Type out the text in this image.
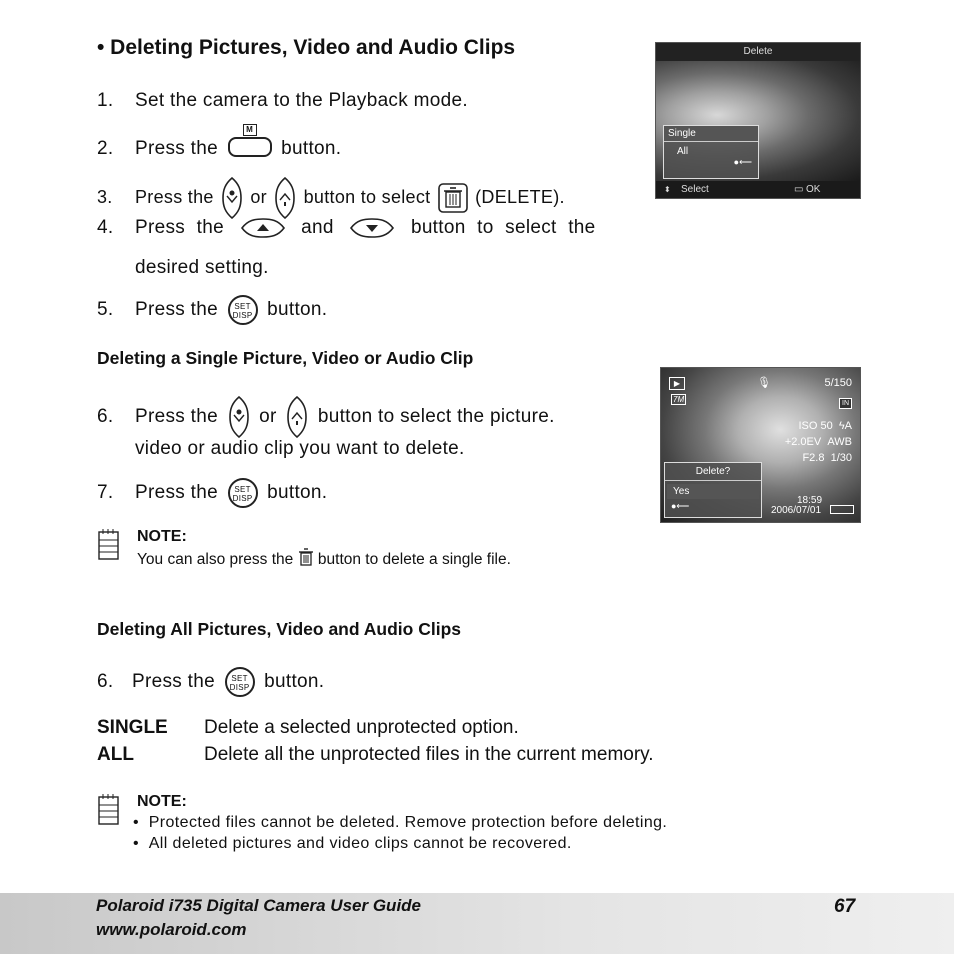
• Deleting Pictures, Video and Audio Clips
1. Set the camera to the Playback mode.
2. Press the
M
button.
3. Press the or button to select (DELETE).
4. Press the	and	button to select the
desired setting.
5. Press the SET
DISP button.
Delete
Single
All
●⟵
⬍ Select	▭ OK
Deleting a Single Picture, Video or Audio Clip
6. Press the or button to select the picture.
video or audio clip you want to delete.
7. Press the SET
DISP button.
NOTE:
You can also press the button to delete a single file.
▶	🎙	5/150
7M	IN
ISO 50 ϟA
+2.0EV AWB
F2.8 1/30
Delete?
Yes
●⟵	18:59
2006/07/01
Deleting All Pictures, Video and Audio Clips
6. Press the SET
DISP button.
SINGLE Delete a selected unprotected option.
ALL	Delete all the unprotected files in the current memory.
NOTE:
•  Protected files cannot be deleted. Remove protection before deleting.
•  All deleted pictures and video clips cannot be recovered.
Polaroid i735 Digital Camera User Guide
www.polaroid.com
67
